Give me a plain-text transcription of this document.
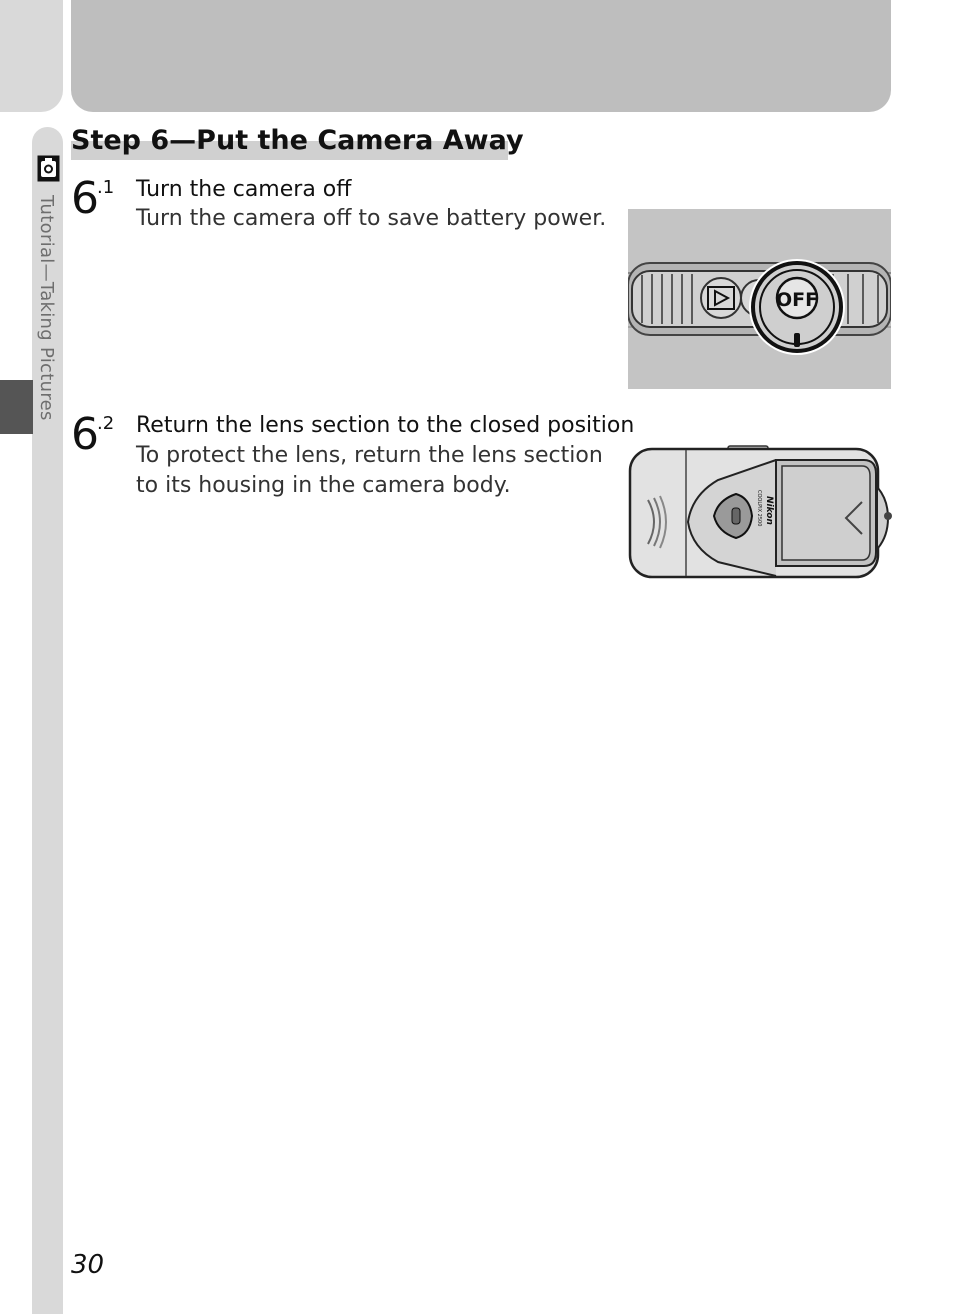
Tutorial—Taking Pictures
Step 6—Put the Camera Away
6
.1 Turn the camera off
Turn the camera off to save battery power.
OFF
6
.2 Return the lens section to the closed position
To protect the lens, return the lens section
to its housing in the camera body.
Nikon
COOLPIX 2500
30
